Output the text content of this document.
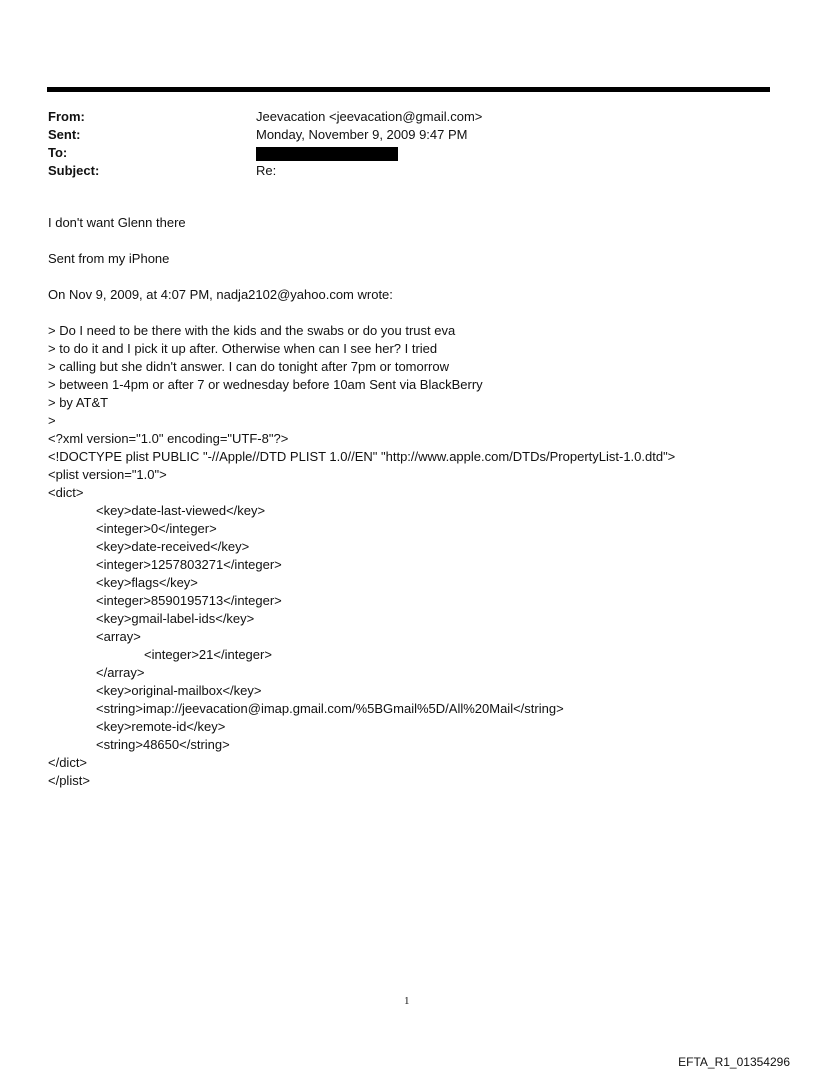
From:	Jeevacation <jeevacation@gmail.com>
Sent:	Monday, November 9, 2009 9:47 PM
To:
Subject:	Re:

I don't want Glenn there

Sent from my iPhone

On Nov 9, 2009, at 4:07 PM, nadja2102@yahoo.com wrote:

> Do I need to be there with the kids and the swabs or do you trust eva
> to do it and I pick it up after. Otherwise when can I see her? I tried
> calling but she didn't answer. I can do tonight after 7pm or tomorrow
> between 1-4pm or after 7 or wednesday before 10am Sent via BlackBerry
> by AT&T
>
<?xml version="1.0" encoding="UTF-8"?>
<!DOCTYPE plist PUBLIC "-//Apple//DTD PLIST 1.0//EN" "http://www.apple.com/DTDs/PropertyList-1.0.dtd">
<plist version="1.0">
<dict>
<key>date-last-viewed</key>
<integer>0</integer>
<key>date-received</key>
<integer>1257803271</integer>
<key>flags</key>
<integer>8590195713</integer>
<key>gmail-label-ids</key>
<array>
<integer>21</integer>
</array>
<key>original-mailbox</key>
<string>imap://jeevacation@imap.gmail.com/%5BGmail%5D/All%20Mail</string>
<key>remote-id</key>
<string>48650</string>
</dict>
</plist>
1
EFTA_R1_01354296
